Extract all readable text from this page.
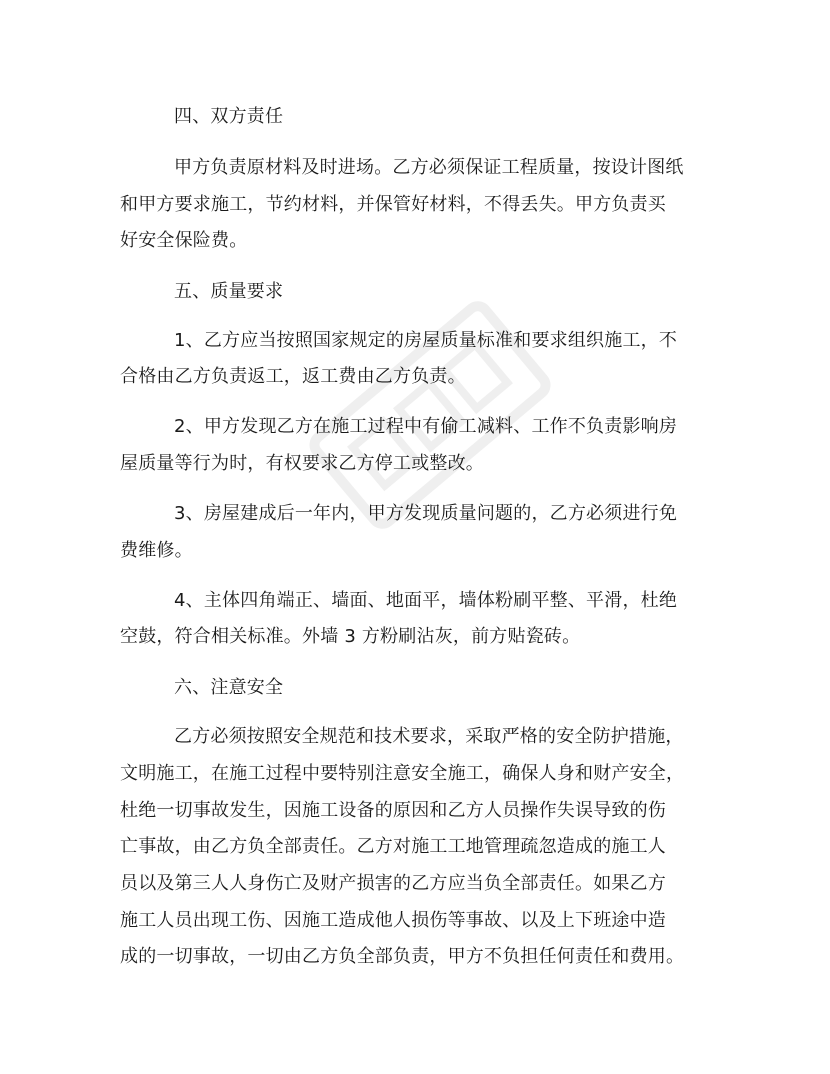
四、双方责任
甲方负责原材料及时进场。乙方必须保证工程质量，按设计图纸
和甲方要求施工，节约材料，并保管好材料，不得丢失。甲方负责买
好安全保险费。
五、质量要求
1、乙方应当按照国家规定的房屋质量标准和要求组织施工，不
合格由乙方负责返工，返工费由乙方负责。
2、甲方发现乙方在施工过程中有偷工减料、工作不负责影响房
屋质量等行为时，有权要求乙方停工或整改。
3、房屋建成后一年内，甲方发现质量问题的，乙方必须进行免
费维修。
4、主体四角端正、墙面、地面平，墙体粉刷平整、平滑，杜绝
空鼓，符合相关标准。外墙 3 方粉刷沾灰，前方贴瓷砖。
六、注意安全
乙方必须按照安全规范和技术要求，采取严格的安全防护措施，
文明施工，在施工过程中要特别注意安全施工，确保人身和财产安全，
杜绝一切事故发生，因施工设备的原因和乙方人员操作失误导致的伤
亡事故，由乙方负全部责任。乙方对施工工地管理疏忽造成的施工人
员以及第三人人身伤亡及财产损害的乙方应当负全部责任。如果乙方
施工人员出现工伤、因施工造成他人损伤等事故、以及上下班途中造
成的一切事故，一切由乙方负全部负责，甲方不负担任何责任和费用。
